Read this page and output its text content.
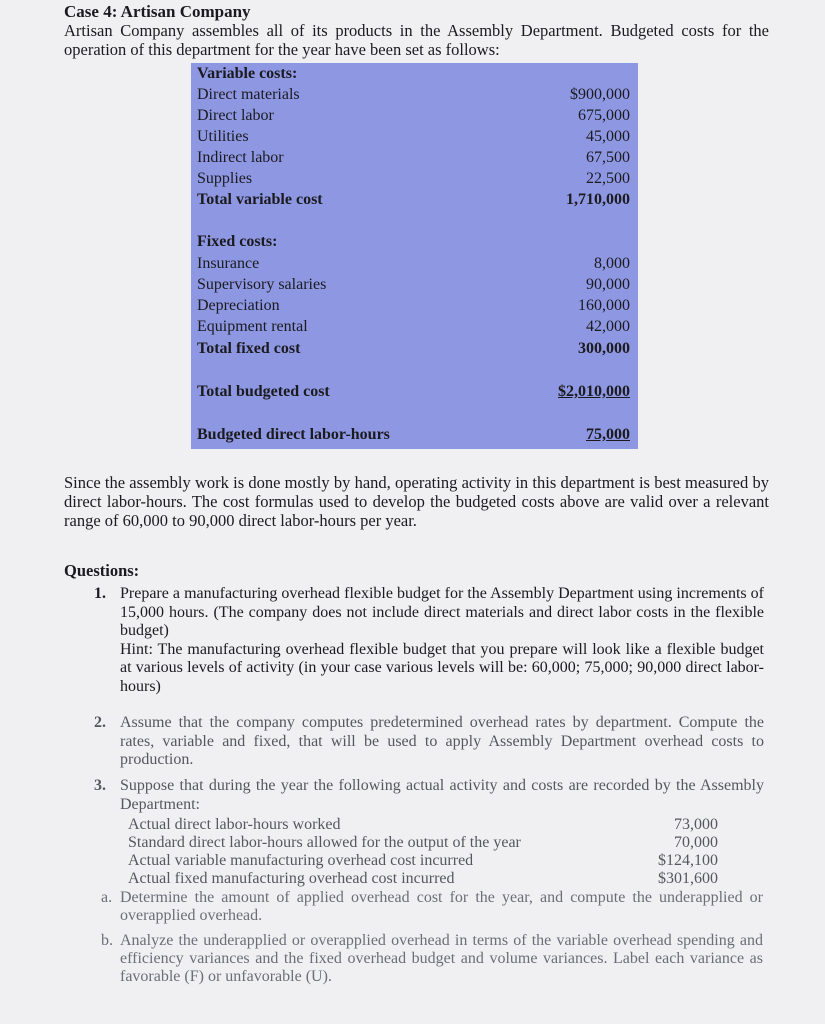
Case 4: Artisan Company
Artisan Company assembles all of its products in the Assembly Department. Budgeted costs for the operation of this department for the year have been set as follows:
Variable costs:
Direct materials	$900,000
Direct labor	675,000
Utilities	45,000
Indirect labor	67,500
Supplies	22,500
Total variable cost	1,710,000
Fixed costs:
Insurance	8,000
Supervisory salaries	90,000
Depreciation	160,000
Equipment rental	42,000
Total fixed cost	300,000
Total budgeted cost	$2,010,000
Budgeted direct labor-hours	75,000
Since the assembly work is done mostly by hand, operating activity in this department is best measured by direct labor-hours. The cost formulas used to develop the budgeted costs above are valid over a relevant range of 60,000 to 90,000 direct labor-hours per year.
Questions:
1. Prepare a manufacturing overhead flexible budget for the Assembly Department using increments of 15,000 hours. (The company does not include direct materials and direct labor costs in the flexible budget)
Hint: The manufacturing overhead flexible budget that you prepare will look like a flexible budget at various levels of activity (in your case various levels will be: 60,000; 75,000; 90,000 direct labor-hours)
2. Assume that the company computes predetermined overhead rates by department. Compute the rates, variable and fixed, that will be used to apply Assembly Department overhead costs to production.
3. Suppose that during the year the following actual activity and costs are recorded by the Assembly Department:
Actual direct labor-hours worked	73,000
Standard direct labor-hours allowed for the output of the year	70,000
Actual variable manufacturing overhead cost incurred	$124,100
Actual fixed manufacturing overhead cost incurred	$301,600
a. Determine the amount of applied overhead cost for the year, and compute the underapplied or overapplied overhead.
b. Analyze the underapplied or overapplied overhead in terms of the variable overhead spending and efficiency variances and the fixed overhead budget and volume variances. Label each variance as favorable (F) or unfavorable (U).
